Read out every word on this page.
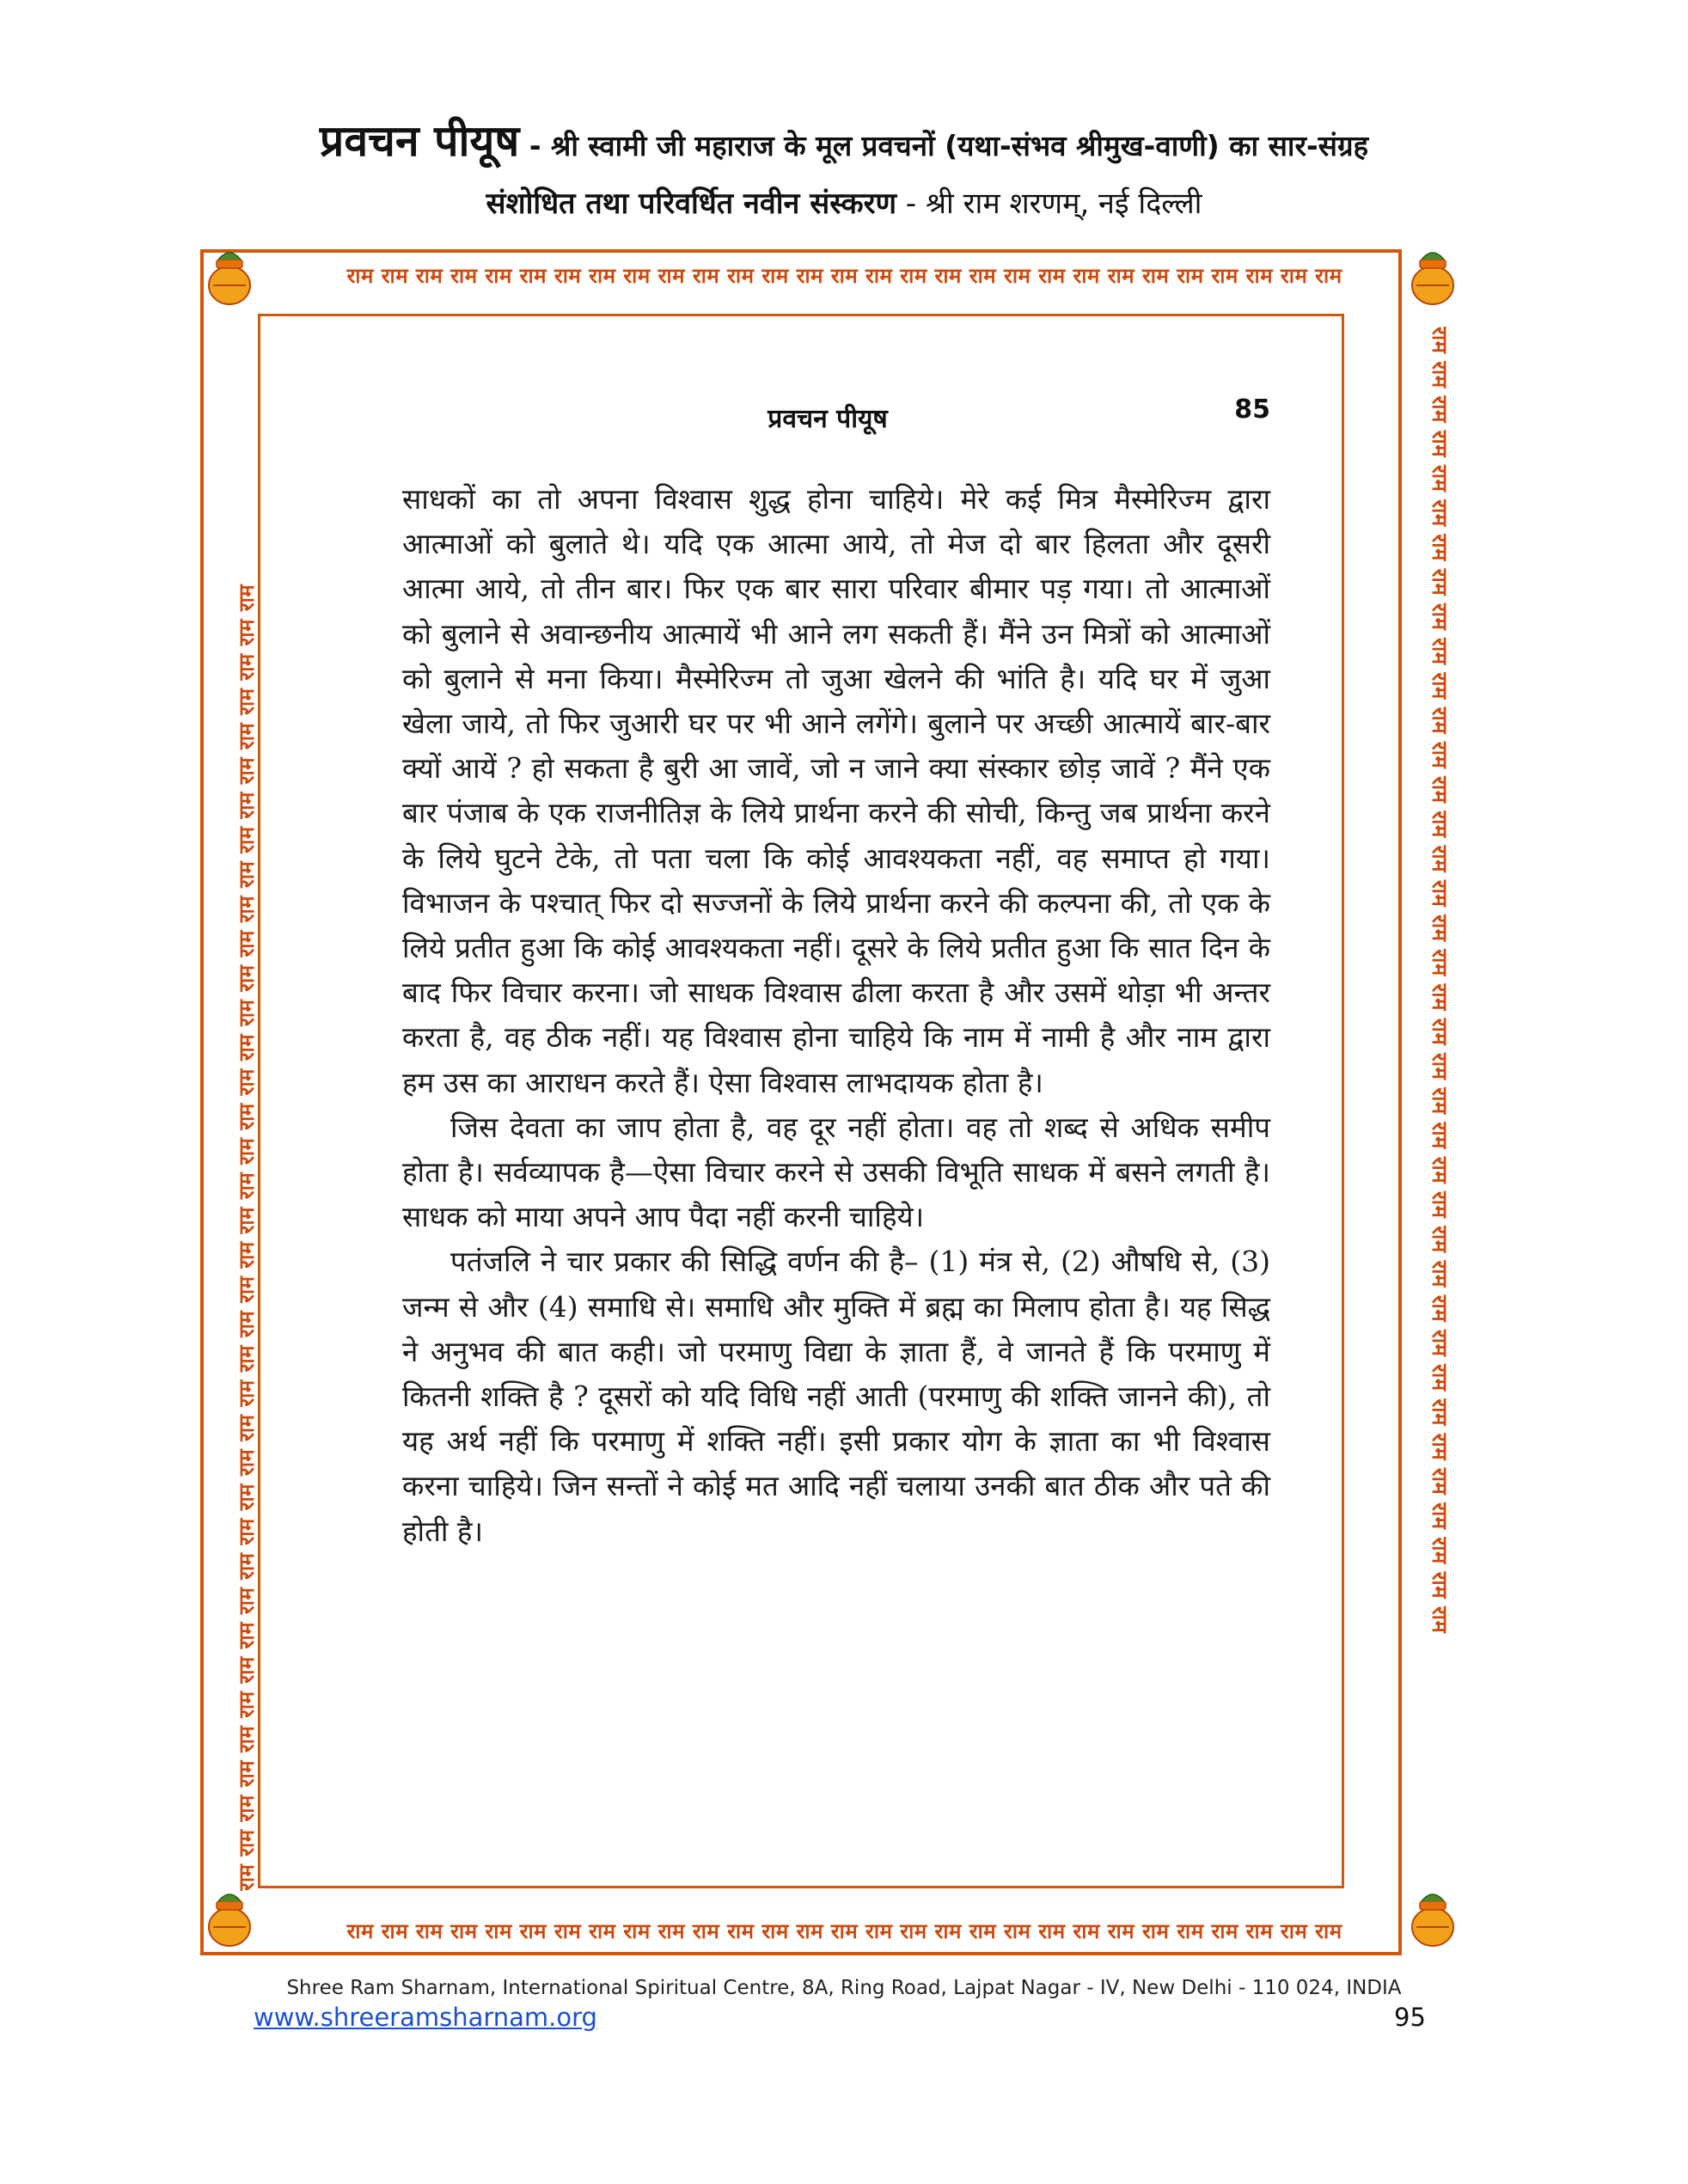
प्रवचन पीयूष - श्री स्वामी जी महाराज के मूल प्रवचनों (यथा-संभव श्रीमुख-वाणी) का सार-संग्रह
संशोधित तथा परिवर्धित नवीन संस्करण - श्री राम शरणम्, नई दिल्ली
राम राम राम राम राम राम राम राम राम राम राम राम राम राम राम राम राम राम राम राम राम राम राम राम राम राम राम राम राम
राम राम राम राम राम राम राम राम राम राम राम राम राम राम राम राम राम राम राम राम राम राम राम राम राम राम राम राम राम
राम राम राम राम राम राम राम राम राम राम राम राम राम राम राम राम राम राम राम राम राम राम राम राम राम राम राम राम राम राम राम राम राम राम राम राम राम राम	राम राम राम राम राम राम राम राम राम राम राम राम राम राम राम राम राम राम राम राम राम राम राम राम राम राम राम राम राम राम राम राम राम राम राम राम राम राम
प्रवचन पीयूष	85

साधकों का तो अपना विश्वास शुद्ध होना चाहिये। मेरे कई मित्र मैस्मेरिज्म द्वारा आत्माओं को बुलाते थे। यदि एक आत्मा आये, तो मेज दो बार हिलता और दूसरी आत्मा आये, तो तीन बार। फिर एक बार सारा परिवार बीमार पड़ गया। तो आत्माओं को बुलाने से अवान्छनीय आत्मायें भी आने लग सकती हैं। मैंने उन मित्रों को आत्माओं को बुलाने से मना किया। मैस्मेरिज्म तो जुआ खेलने की भांति है। यदि घर में जुआ खेला जाये, तो फिर जुआरी घर पर भी आने लगेंगे। बुलाने पर अच्छी आत्मायें बार-बार क्यों आयें ? हो सकता है बुरी आ जावें, जो न जाने क्या संस्कार छोड़ जावें ? मैंने एक बार पंजाब के एक राजनीतिज्ञ के लिये प्रार्थना करने की सोची, किन्तु जब प्रार्थना करने के लिये घुटने टेके, तो पता चला कि कोई आवश्यकता नहीं, वह समाप्त हो गया। विभाजन के पश्चात् फिर दो सज्जनों के लिये प्रार्थना करने की कल्पना की, तो एक के लिये प्रतीत हुआ कि कोई आवश्यकता नहीं। दूसरे के लिये प्रतीत हुआ कि सात दिन के बाद फिर विचार करना। जो साधक विश्वास ढीला करता है और उसमें थोड़ा भी अन्तर करता है, वह ठीक नहीं। यह विश्वास होना चाहिये कि नाम में नामी है और नाम द्वारा हम उस का आराधन करते हैं। ऐसा विश्वास लाभदायक होता है।

जिस देवता का जाप होता है, वह दूर नहीं होता। वह तो शब्द से अधिक समीप होता है। सर्वव्यापक है—ऐसा विचार करने से उसकी विभूति साधक में बसने लगती है। साधक को माया अपने आप पैदा नहीं करनी चाहिये।

पतंजलि ने चार प्रकार की सिद्धि वर्णन की है– (1) मंत्र से, (2) औषधि से, (3) जन्म से और (4) समाधि से। समाधि और मुक्ति में ब्रह्म का मिलाप होता है। यह सिद्ध ने अनुभव की बात कही। जो परमाणु विद्या के ज्ञाता हैं, वे जानते हैं कि परमाणु में कितनी शक्ति है ? दूसरों को यदि विधि नहीं आती (परमाणु की शक्ति जानने की), तो यह अर्थ नहीं कि परमाणु में शक्ति नहीं। इसी प्रकार योग के ज्ञाता का भी विश्वास करना चाहिये। जिन सन्तों ने कोई मत आदि नहीं चलाया उनकी बात ठीक और पते की होती है।

Shree Ram Sharnam, International Spiritual Centre, 8A, Ring Road, Lajpat Nagar - IV, New Delhi - 110 024, INDIA
www.shreeramsharnam.org	95
